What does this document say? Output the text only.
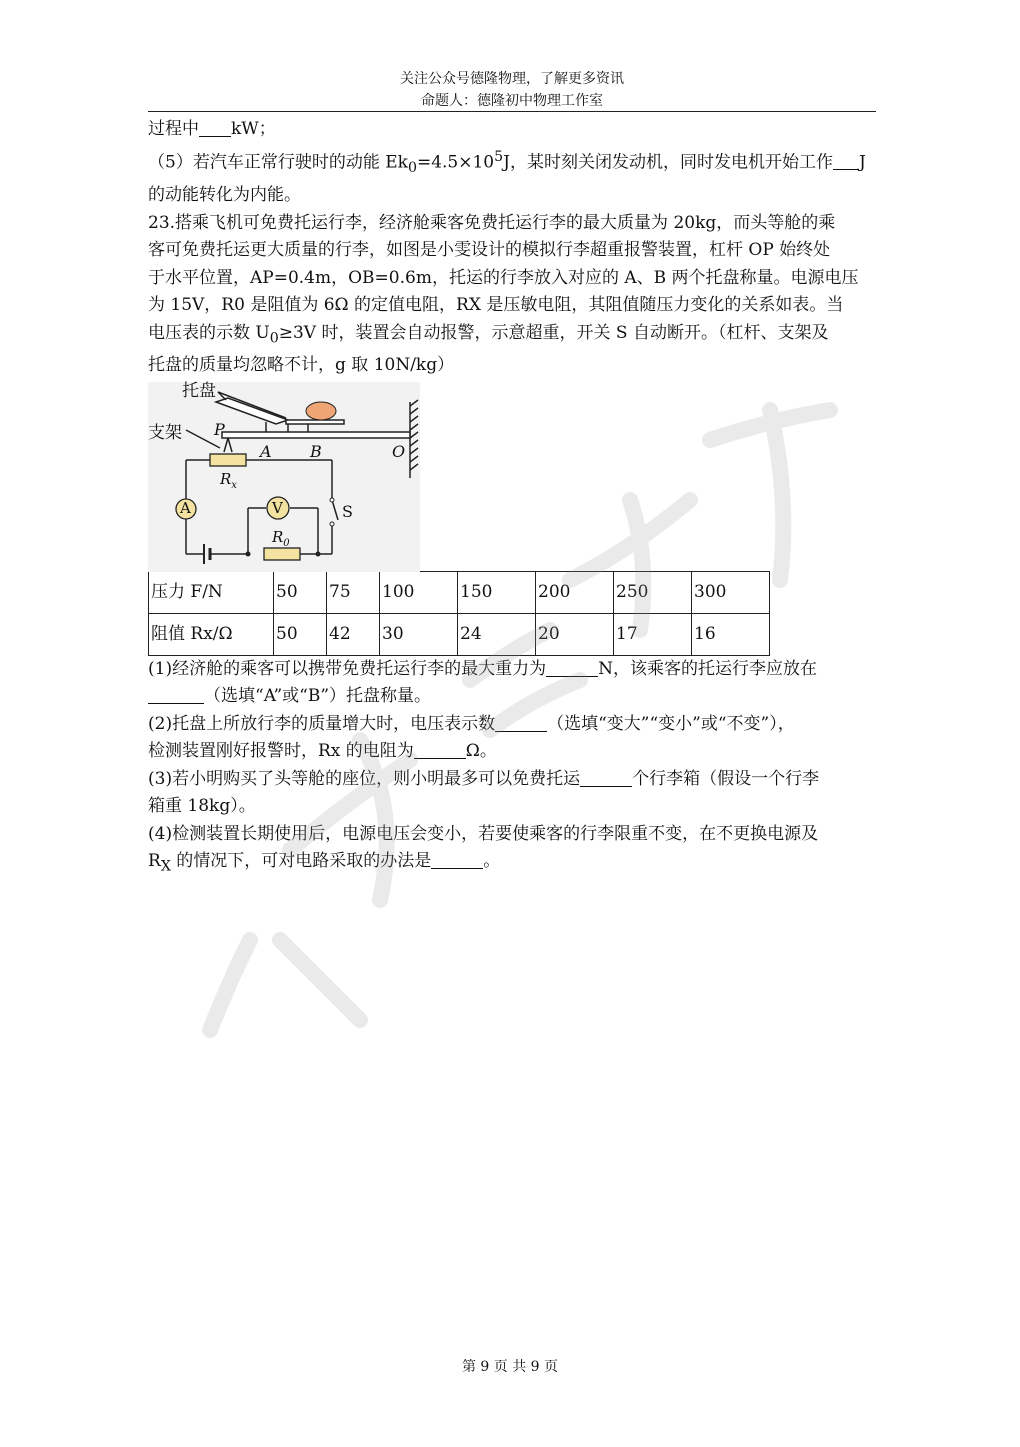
关注公众号德隆物理，了解更多资讯
命题人：德隆初中物理工作室
过程中 kW；
（5）若汽车正常行驶时的动能 $Ek_0=4.5\times 10^5J$，某时刻关闭发动机，同时发电机开始工作 J
的动能转化为内能。
23.搭乘飞机可免费托运行李，经济舱乘客免费托运行李的最大质量为 20kg，而头等舱的乘
客可免费托运更大质量的行李，如图是小雯设计的模拟行李超重报警装置，杠杆 OP 始终处
于水平位置，AP=0.4m，OB=0.6m，托运的行李放入对应的 A、B 两个托盘称量。电源电压
为 15V，R0 是阻值为 6Ω 的定值电阻，RX 是压敏电阻，其阻值随压力变化的关系如表。当
电压表的示数 $U_0\ge 3V$ 时，装置会自动报警，示意超重，开关 S 自动断开。（杠杆、支架及
托盘的质量均忽略不计，g 取 10N/kg）
托盘
支架 P
A B	O
$R_x$
A	V	S
$R_0$
压力 F/N	50	75	100	150	200	250	300
阻值 Rx/Ω	50	42	30	24	20	17	16
(1)经济舱的乘客可以携带免费托运行李的最大重力为	N，该乘客的托运行李应放在
（选填“A”或“B”）托盘称量。
(2)托盘上所放行李的质量增大时，电压表示数	（选填“变大”“变小”或“不变”），
检测装置刚好报警时，Rx 的电阻为	Ω。
(3)若小明购买了头等舱的座位，则小明最多可以免费托运	个行李箱（假设一个行李
箱重 18kg）。
(4)检测装置长期使用后，电源电压会变小，若要使乘客的行李限重不变，在不更换电源及
$R_X$ 的情况下，可对电路采取的办法是	。
第 9 页 共 9 页
